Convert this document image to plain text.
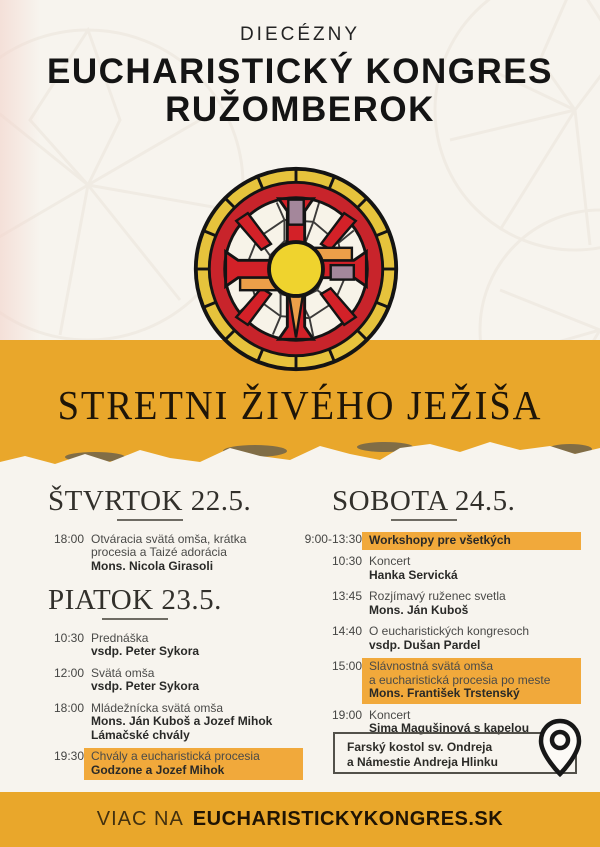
DIECÉZNY
EUCHARISTICKÝ KONGRES
RUŽOMBEROK
STRETNI ŽIVÉHO JEŽIŠA
ŠTVRTOK 22.5.
18:00 Otváracia svätá omša, krátka
procesia a Taizé adorácia
Mons. Nicola Girasoli
PIATOK 23.5.
10:30 Prednáška
vsdp. Peter Sykora
12:00 Svätá omša
vsdp. Peter Sykora
18:00 Mládežnícka svätá omša
Mons. Ján Kuboš a Jozef Mihok
Lámačské chvály
19:30 Chvály a eucharistická procesia
Godzone a Jozef Mihok
SOBOTA 24.5.
9:00-13:30 Workshopy pre všetkých
10:30 Koncert
Hanka Servická
13:45 Rozjímavý ruženec svetla
Mons. Ján Kuboš
14:40 O eucharistických kongresoch
vsdp. Dušan Pardel
15:00 Slávnostná svätá omša
a eucharistická procesia po meste
Mons. František Trstenský
19:00 Koncert
Sima Magušinová s kapelou
Farský kostol sv. Ondreja
a Námestie Andreja Hlinku
VIAC NA EUCHARISTICKYKONGRES.SK
